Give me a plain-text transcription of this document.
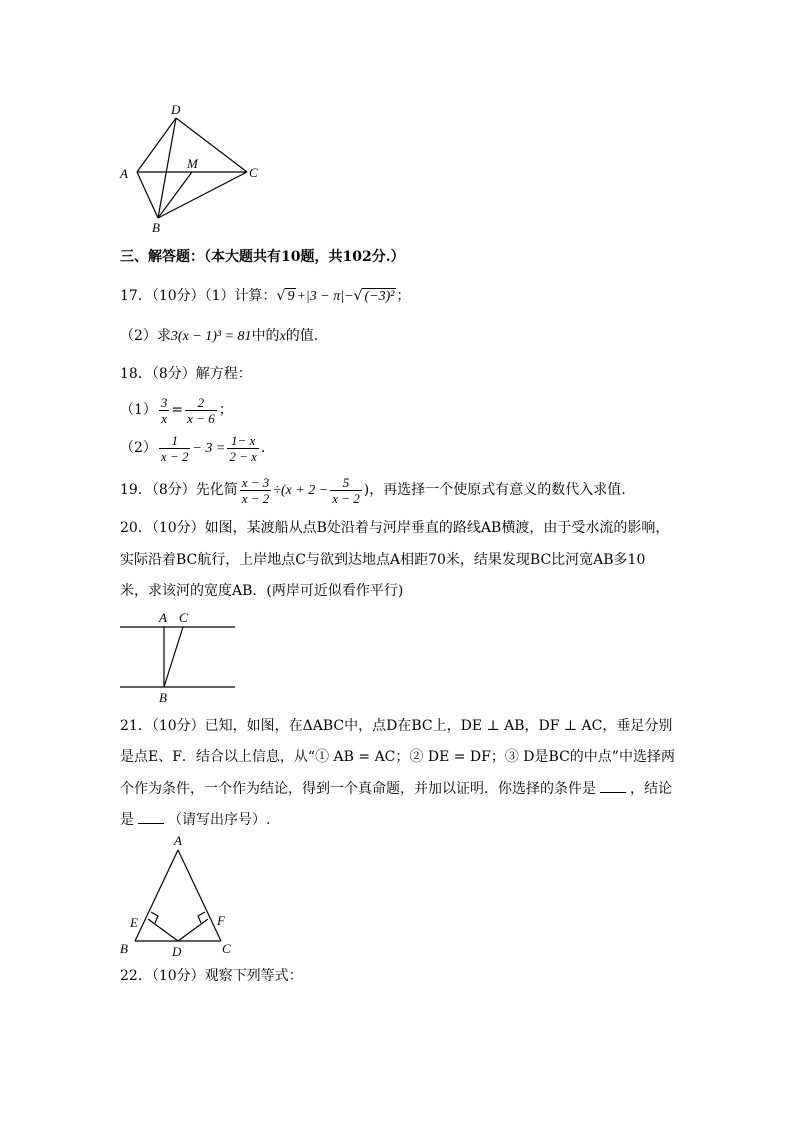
D
A
M
C
B
三、解答题：（本大题共有10题，共102分.）
17．（10分）（1）计算：√ 9 +|3 − π|−√ (−3)² ；
（2）求3(x − 1)³ = 81中的x的值.
18．（8分）解方程：
$(1) \frac{3}{x} = \frac{2}{x - 6}$ ；
$(2) \frac{1}{x - 2} - 3 = \frac{1- x}{2 - x}$ .
19．（8分）先化简 $\frac{x - 3}{x - 2} \div(x + 2 - \frac{5}{x - 2}$ )，再选择一个使原式有意义的数代入求值.
20．（10分）如图，某渡船从点B处沿着与河岸垂直的路线AB横渡，由于受水流的影响，
实际沿着BC航行，上岸地点C与欲到达地点A相距70米，结果发现BC比河宽AB多10
米，求该河的宽度AB．(两岸可近似看作平行)
A C
B
21．（10分）已知，如图，在ΔABC中，点D在BC上，DE ⊥ AB，DF ⊥ AC，垂足分别
是点E、F．结合以上信息，从“① AB = AC；② DE = DF；③ D是BC的中点”中选择两
个作为条件，一个作为结论，得到一个真命题，并加以证明．你选择的条件是 ，结论
是 （请写出序号）.
A
E	F
B	D	C
22．（10分）观察下列等式：
